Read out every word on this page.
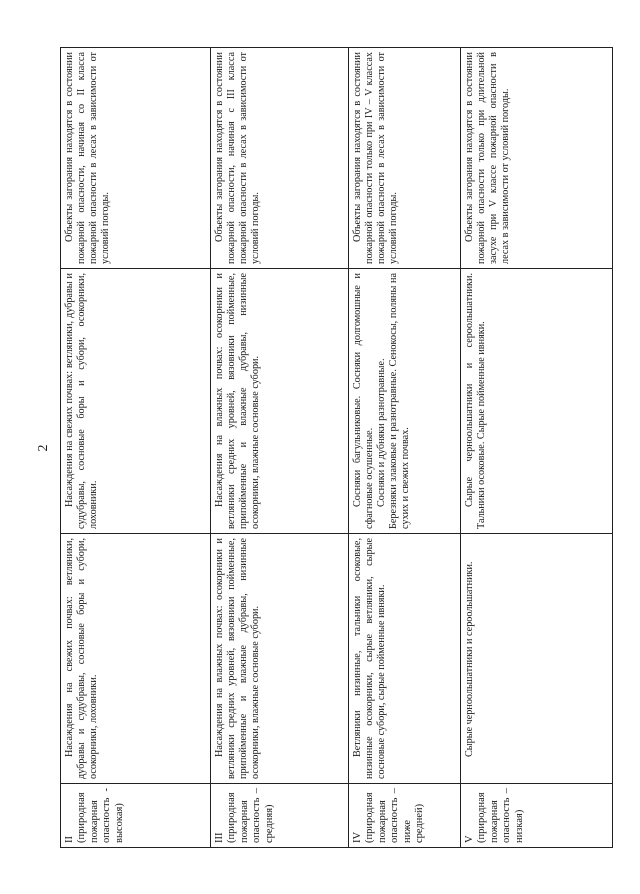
2
II (природная пожарная опасность - высокая)	Насаждения на свежих почвах: ветляники, дубравы и судубравы, сосновые боры и субори, осокорники, лоховники.	Насаждения на свежих почвах: ветляники, дубравы и судубравы, сосновые боры и субори, осокорники, лоховники.	Объекты загорания находятся в состоянии пожарной опасности, начиная со II класса пожарной опасности в лесах в зависимости от условий погоды.

III (природная пожарная опасность – средняя)	Насаждения на влажных почвах: осокорники и ветляники средних уровней, вязовники пойменные, припойменные и влажные дубравы, низинные осокорники, влажные сосновые субори.	Насаждения на влажных почвах: осокорники и ветляники средних уровней, вязовники пойменные, припойменные и влажные дубравы, низинные осокорники, влажные сосновые субори.	Объекты загорания находятся в состоянии пожарной опасности, начиная с III класса пожарной опасности в лесах в зависимости от условий погоды.

IV (природная пожарная опасность – ниже средней)	Ветляники низинные, тальники осоковые, низинные осокорники, сырые ветляники, сырые сосновые субори, сырые пойменные ивняки.	Сосняки багульниковые. Сосняки долгомошные и сфагновые осушенные. Сосняки и дубняки разнотравные. Березняки злаковые и разнотравные. Сенокосы, поляны на сухих и свежих почвах.	Объекты загорания находятся в состоянии пожарной опасности только при IV – V классах пожарной опасности в лесах в зависимости от условий погоды.

V (природная пожарная опасность – низкая)	Сырые черноольшатники и сероольшатники.	Сырые черноольшатники и сероольшатники. Тальники осоковые. Сырые пойменные ивняки.	Объекты загорания находятся в состоянии пожарной опасности только при длительной засухе при V классе пожарной опасности в лесах в зависимости от условий погоды.
